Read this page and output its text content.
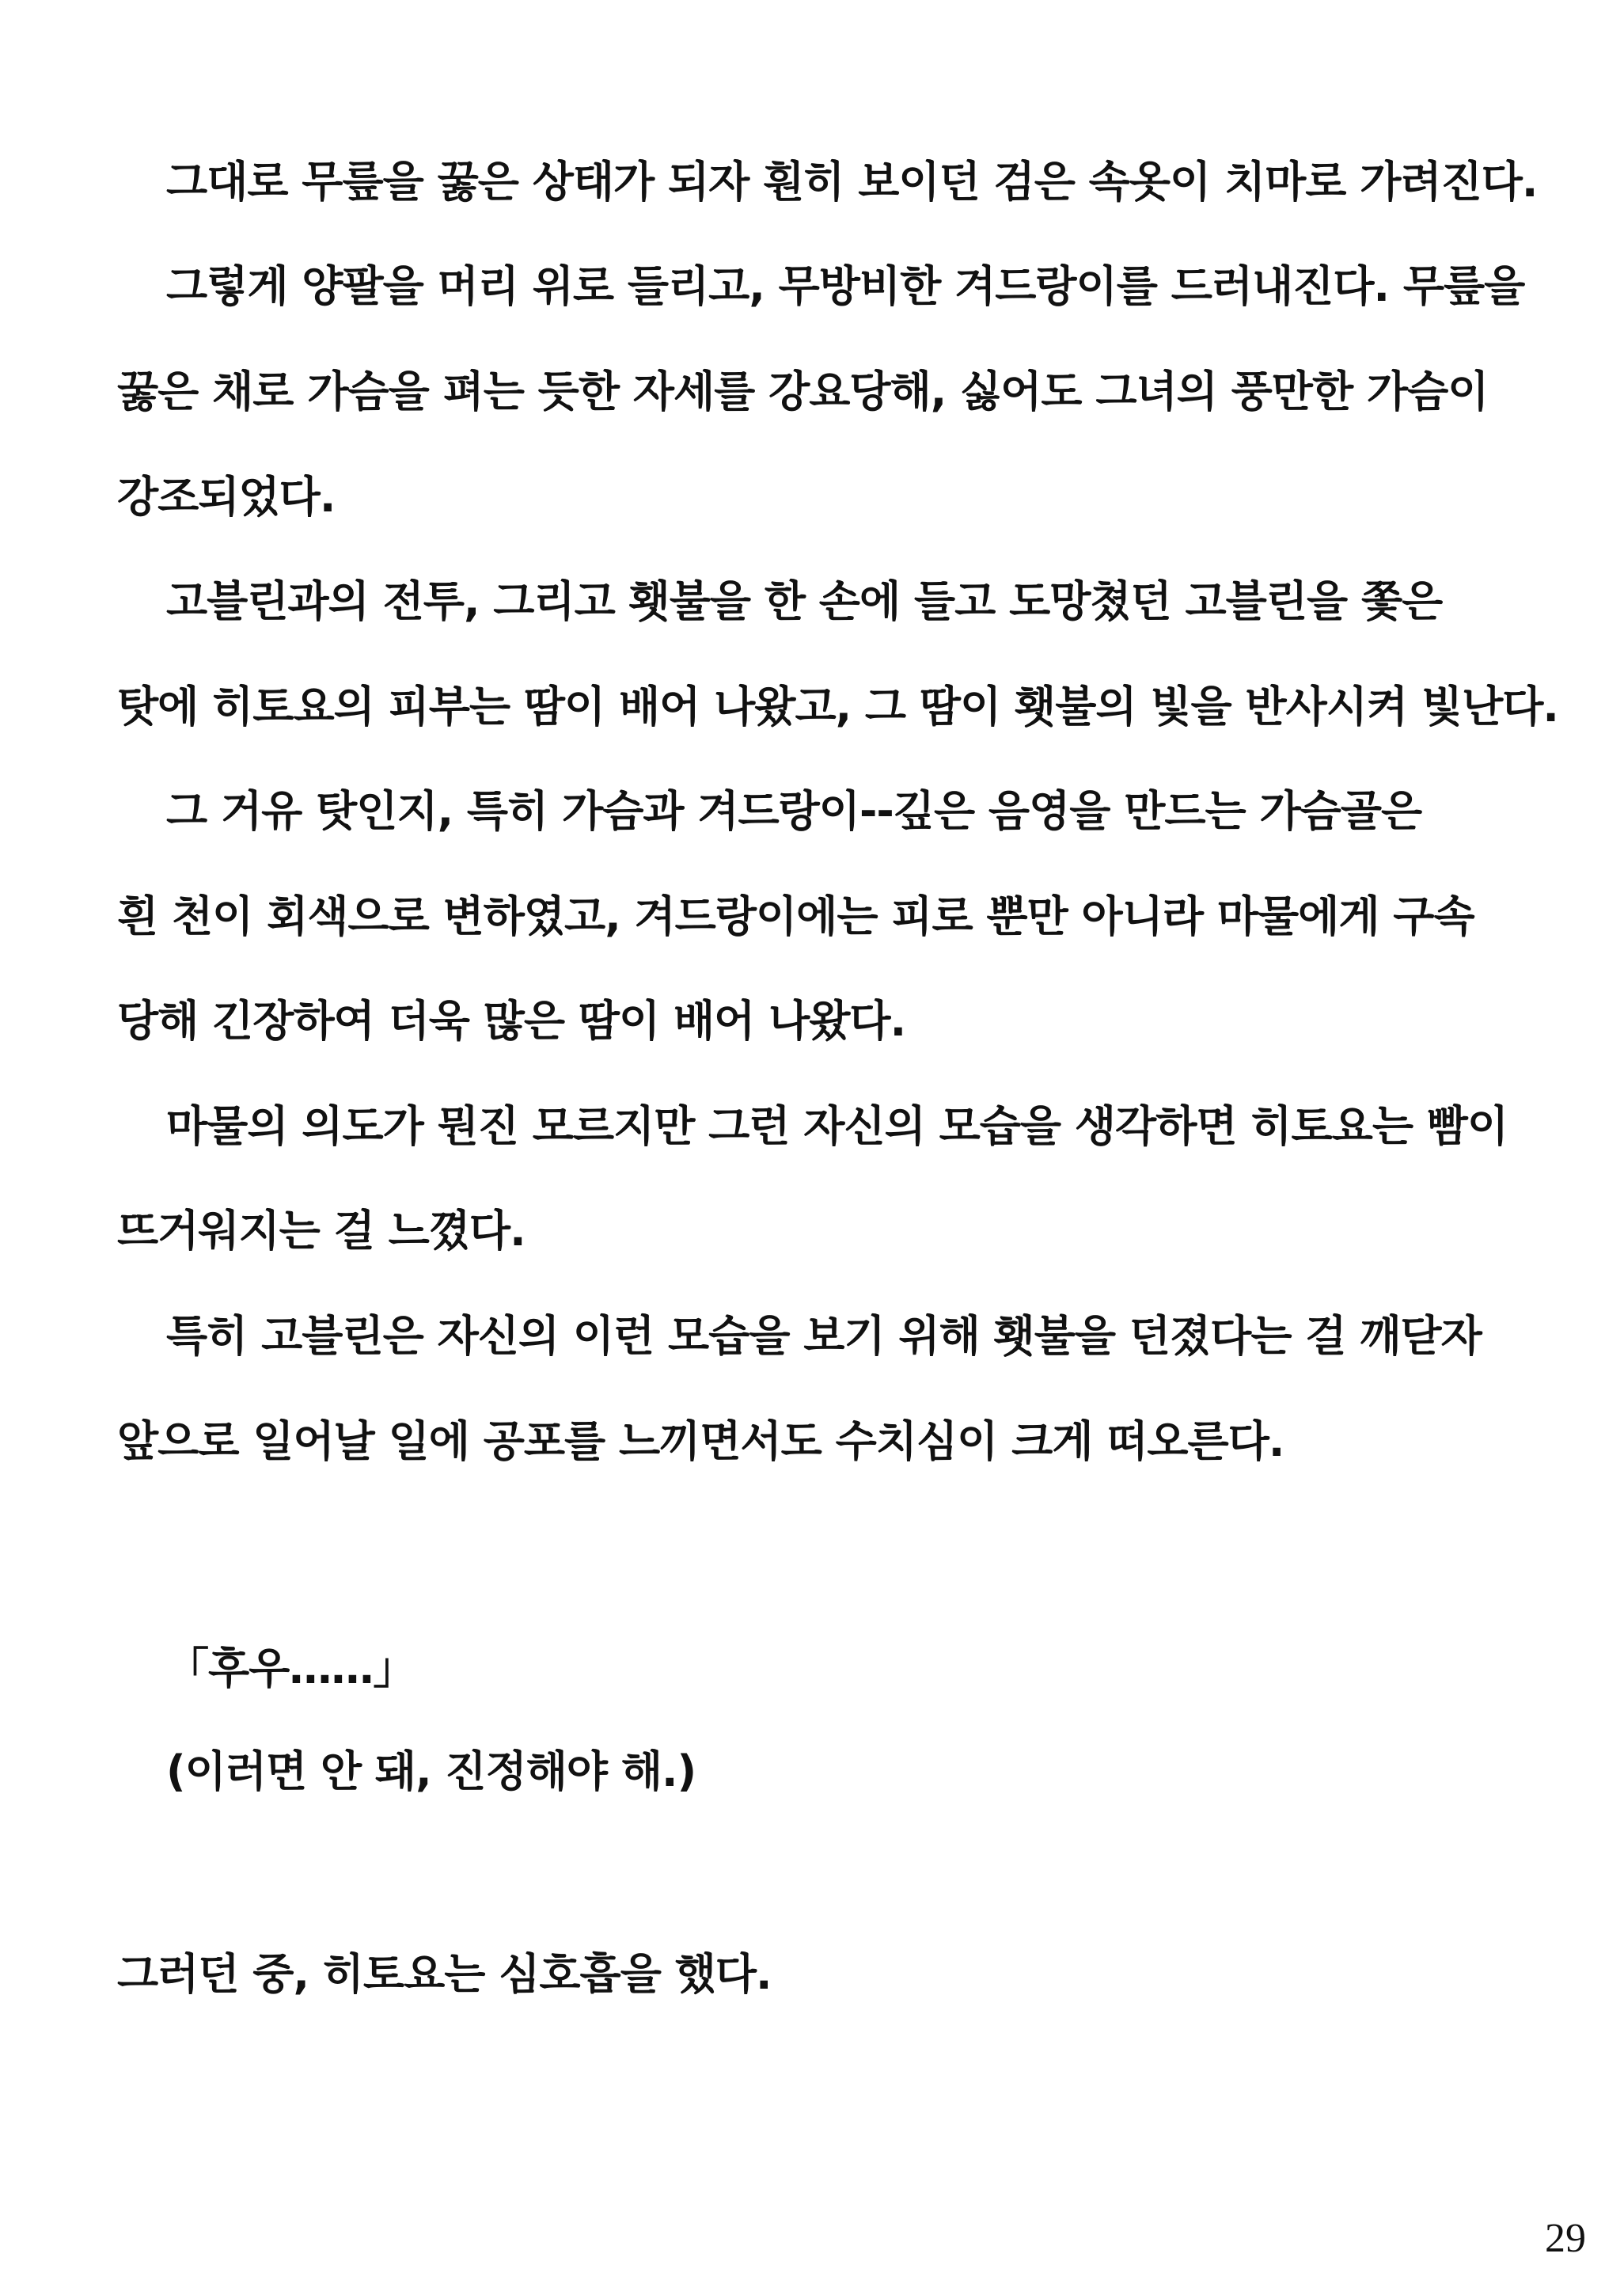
그대로 무릎을 꿇은 상태가 되자 훤히 보이던 검은 속옷이 치마로 가려진다.

그렇게 양팔을 머리 위로 들리고, 무방비한 겨드랑이를 드러내진다. 무릎을

꿇은 채로 가슴을 펴는 듯한 자세를 강요당해, 싫어도 그녀의 풍만한 가슴이

강조되었다.

고블린과의 전투, 그리고 횃불을 한 손에 들고 도망쳤던 고블린을 쫓은

탓에 히토요의 피부는 땀이 배어 나왔고, 그 땀이 횃불의 빛을 반사시켜 빛난다.

그 거유 탓인지, 특히 가슴과 겨드랑이--깊은 음영을 만드는 가슴골은

흰 천이 회색으로 변하였고, 겨드랑이에는 피로 뿐만 아니라 마물에게 구속

당해 긴장하여 더욱 많은 땀이 배어 나왔다.

마물의 의도가 뭔진 모르지만 그런 자신의 모습을 생각하면 히토요는 빰이

뜨거워지는 걸 느꼈다.

특히 고블린은 자신의 이런 모습을 보기 위해 횃불을 던졌다는 걸 깨닫자

앞으로 일어날 일에 공포를 느끼면서도 수치심이 크게 떠오른다.

「후우……」

(이러면 안 돼, 진정해야 해.)

그러던 중, 히토요는 심호흡을 했다.

29
